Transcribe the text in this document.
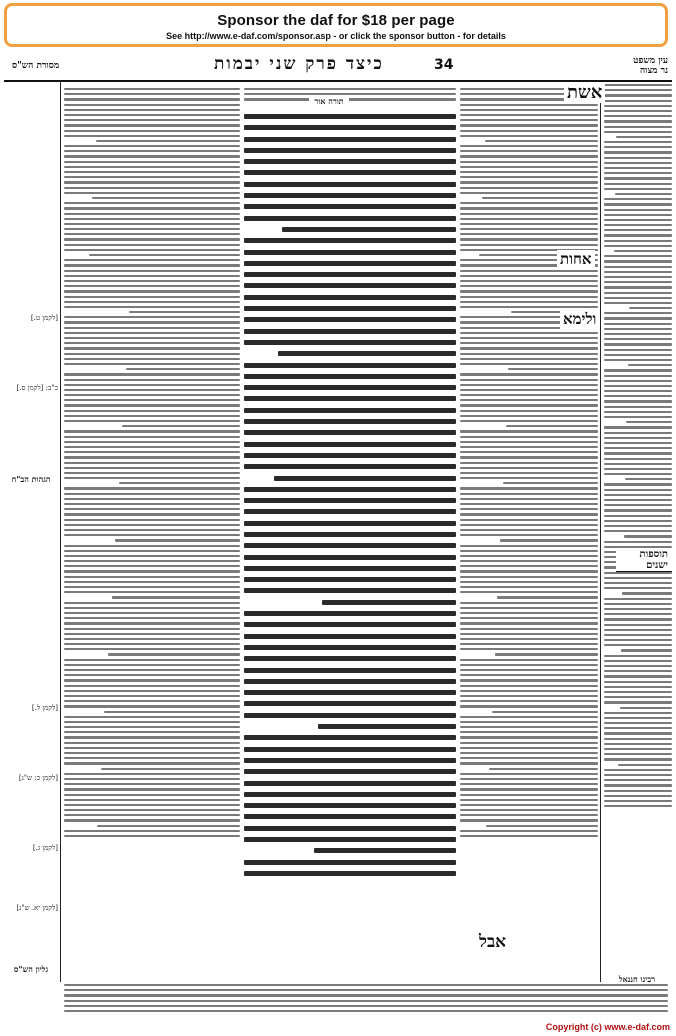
Sponsor the daf for $18 per page
See http://www.e-daf.com/sponsor.asp - or click the sponsor button - for details
מסורת הש"ס	כיצד פרק שני יבמות	34	עין משפט
נר מצוה
[לקמן ט.]
כ"ב: [לקמן ס.]
[לקמן ל.]
[לקמן כ: ש"נ]
[לקמן ג.]
[לקמן יא. ש"נ]
הגהות הב"ח
גליון הש"ס
אשת
אחות
ולימא
אבל
תורה אור
תוספות ישנים
רבינו חננאל
Copyright (c) www.e-daf.com
